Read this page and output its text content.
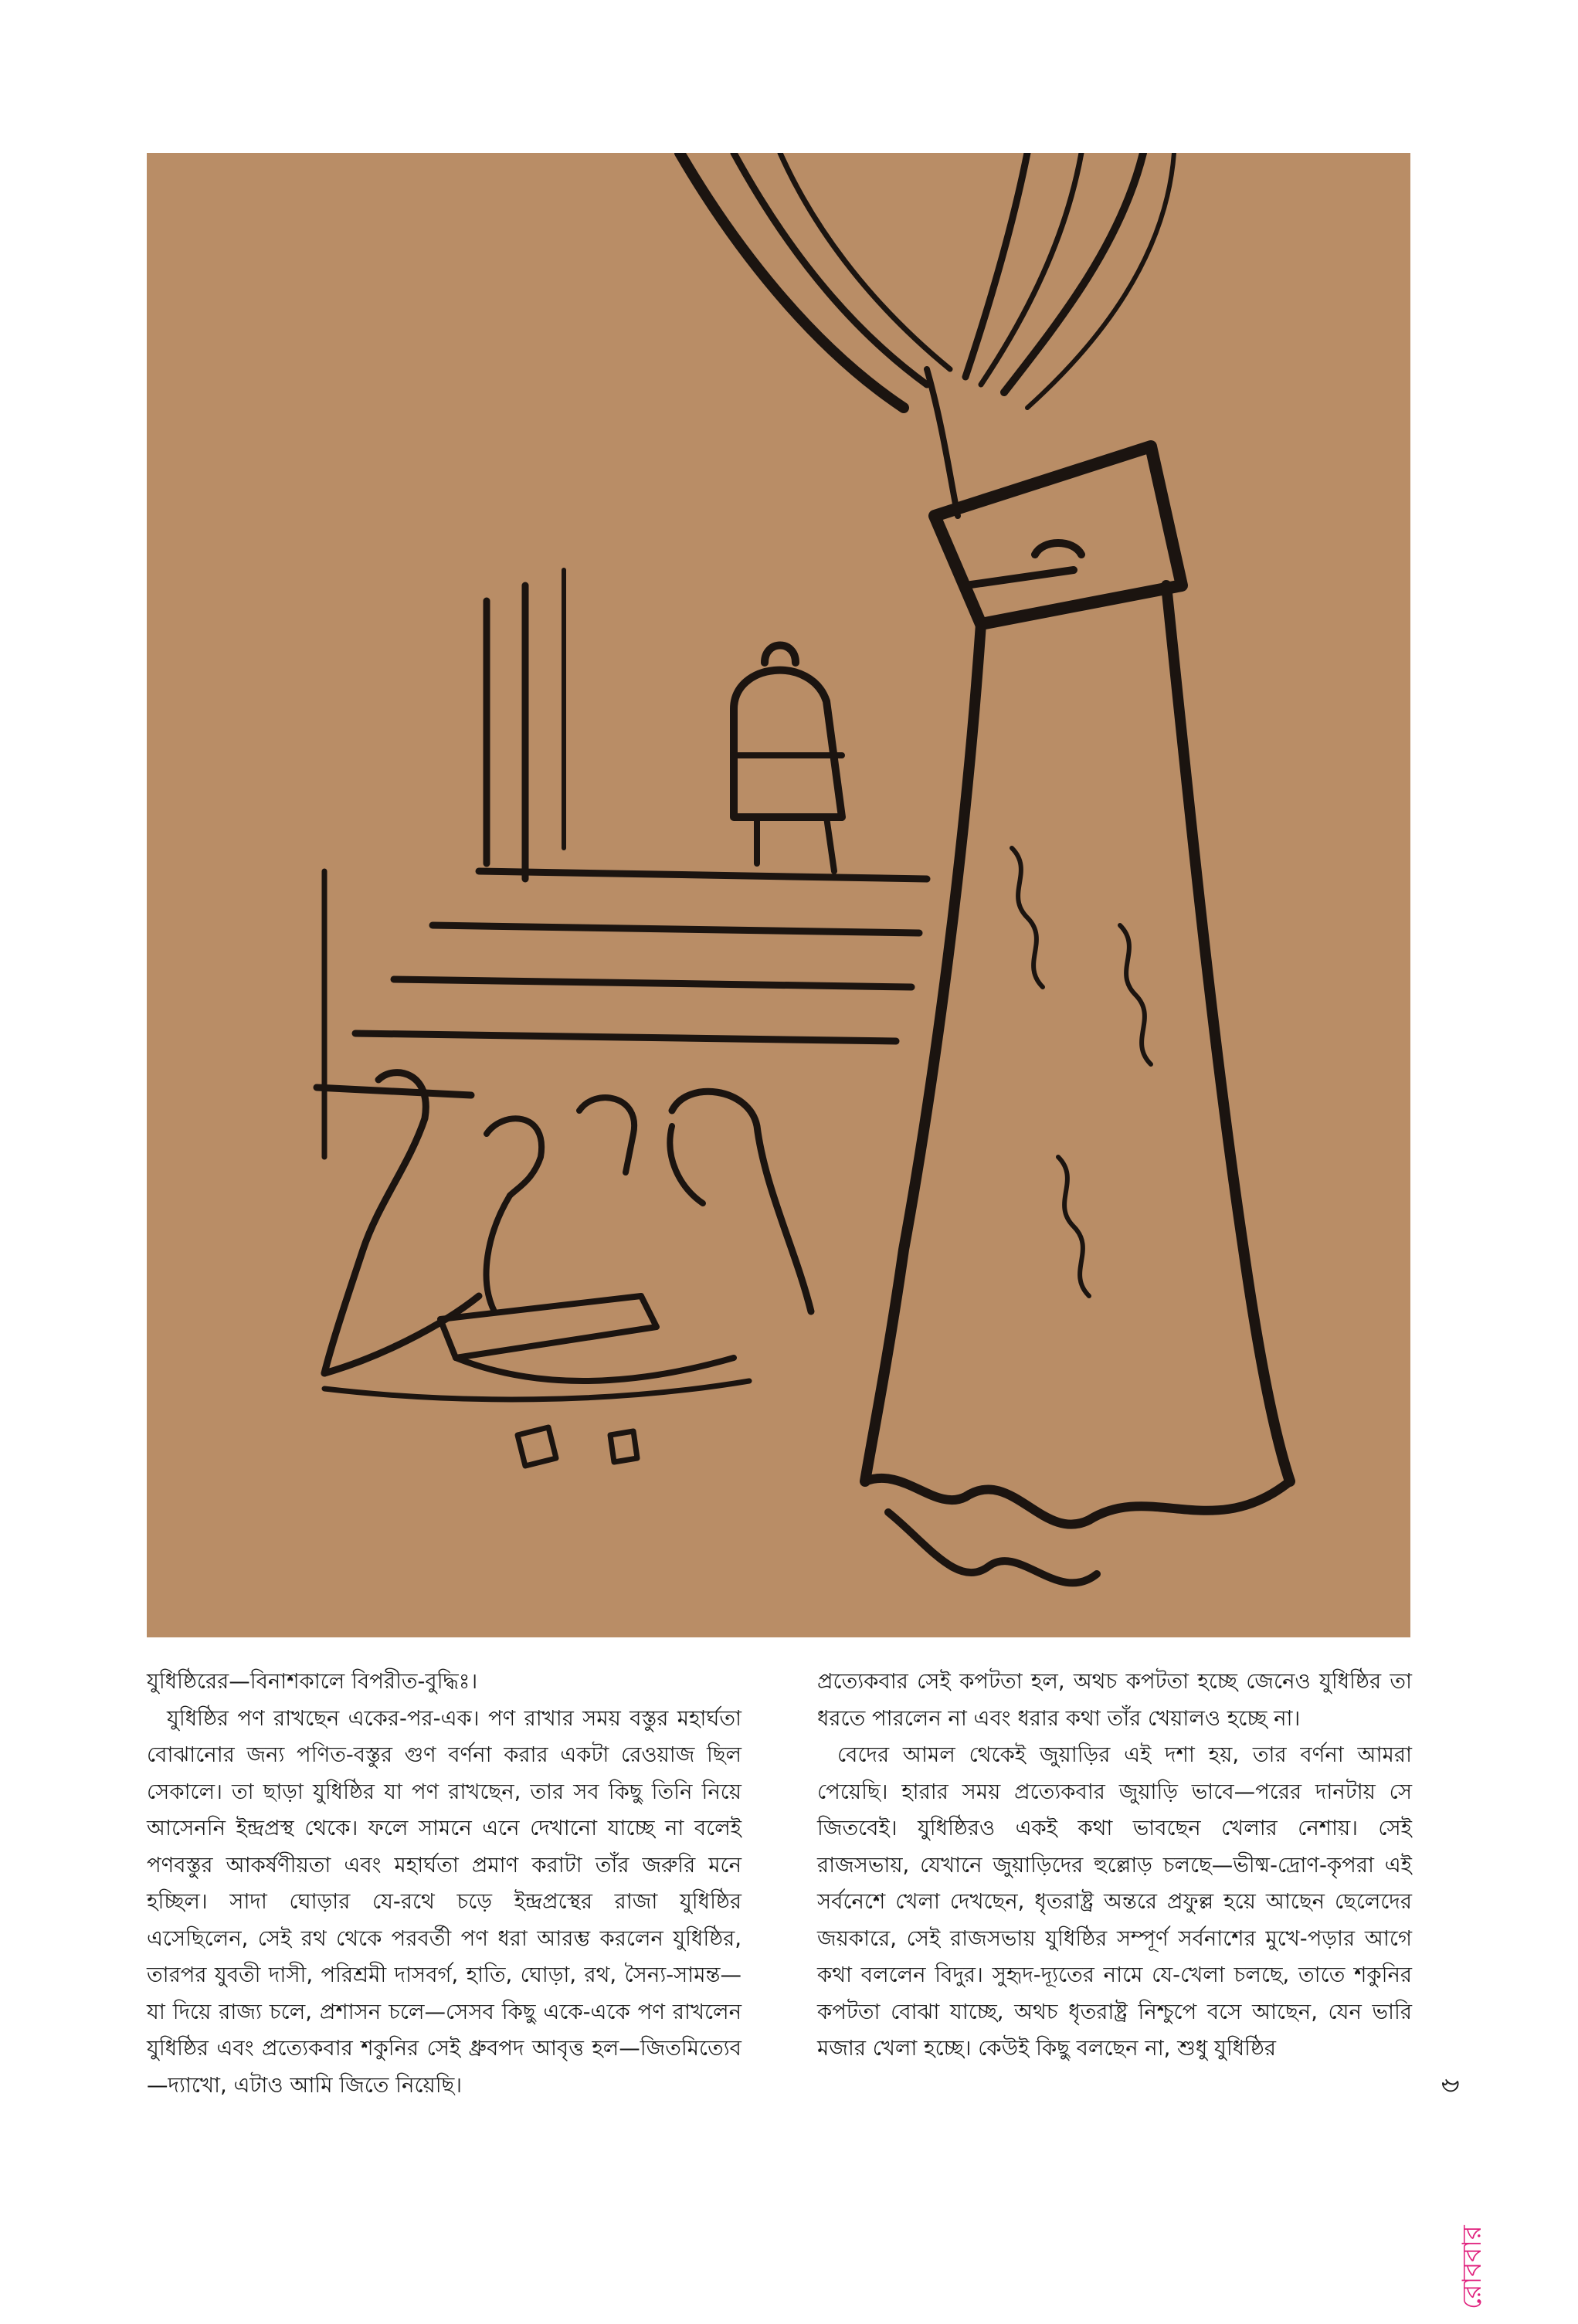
যুধিষ্ঠিরের—বিনাশকালে বিপরীত-বুদ্ধিঃ।

যুধিষ্ঠির পণ রাখছেন একের-পর-এক। পণ রাখার সময় বস্তুর মহার্ঘতা বোঝানোর জন্য পণিত-বস্তুর গুণ বর্ণনা করার একটা রেওয়াজ ছিল সেকালে। তা ছাড়া যুধিষ্ঠির যা পণ রাখছেন, তার সব কিছু তিনি নিয়ে আসেননি ইন্দ্রপ্রস্থ থেকে। ফলে সামনে এনে দেখানো যাচ্ছে না বলেই পণবস্তুর আকর্ষণীয়তা এবং মহার্ঘতা প্রমাণ করাটা তাঁর জরুরি মনে হচ্ছিল। সাদা ঘোড়ার যে-রথে চড়ে ইন্দ্রপ্রস্থের রাজা যুধিষ্ঠির এসেছিলেন, সেই রথ থেকে পরবর্তী পণ ধরা আরম্ভ করলেন যুধিষ্ঠির, তারপর যুবতী দাসী, পরিশ্রমী দাসবর্গ, হাতি, ঘোড়া, রথ, সৈন্য-সামন্ত—যা দিয়ে রাজ্য চলে, প্রশাসন চলে—সেসব কিছু একে-একে পণ রাখলেন যুধিষ্ঠির এবং প্রত্যেকবার শকুনির সেই ধ্রুবপদ আবৃত্ত হল—জিতমিত্যেব—দ্যাখো, এটাও আমি জিতে নিয়েছি।

প্রত্যেকবার সেই কপটতা হল, অথচ কপটতা হচ্ছে জেনেও যুধিষ্ঠির তা ধরতে পারলেন না এবং ধরার কথা তাঁর খেয়ালও হচ্ছে না।

বেদের আমল থেকেই জুয়াড়ির এই দশা হয়, তার বর্ণনা আমরা পেয়েছি। হারার সময় প্রত্যেকবার জুয়াড়ি ভাবে—পরের দানটায় সে জিতবেই। যুধিষ্ঠিরও একই কথা ভাবছেন খেলার নেশায়। সেই রাজসভায়, যেখানে জুয়াড়িদের হুল্লোড় চলছে—ভীষ্ম-দ্রোণ-কৃপরা এই সর্বনেশে খেলা দেখছেন, ধৃতরাষ্ট্র অন্তরে প্রফুল্ল হয়ে আছেন ছেলেদের জয়কারে, সেই রাজসভায় যুধিষ্ঠির সম্পূর্ণ সর্বনাশের মুখে-পড়ার আগে কথা বললেন বিদুর। সুহৃদ-দ্যূতের নামে যে-খেলা চলছে, তাতে শকুনির কপটতা বোঝা যাচ্ছে, অথচ ধৃতরাষ্ট্র নিশ্চুপে বসে আছেন, যেন ভারি মজার খেলা হচ্ছে। কেউই কিছু বলছেন না, শুধু যুধিষ্ঠির

৫
রোববার
